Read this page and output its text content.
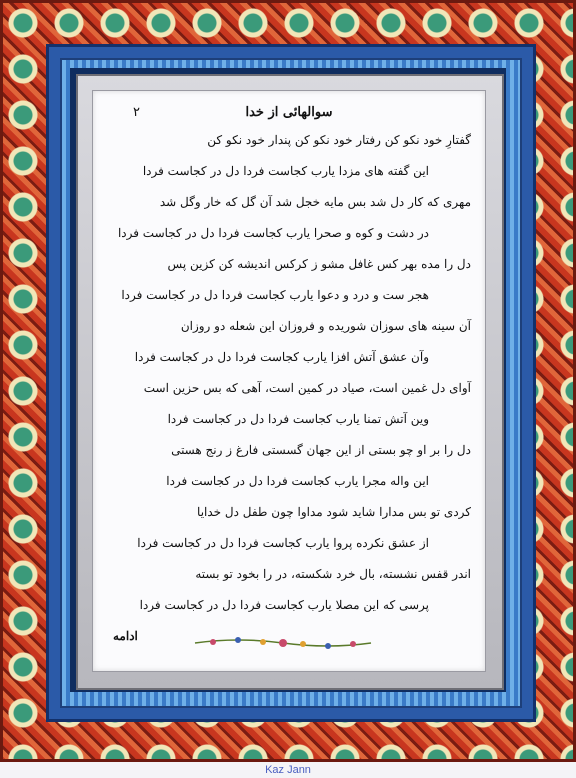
سوالهائی از خدا
۲
گفتارِ خود نکو کن رفتار خود نکو کن پندار خود نکو کن
این گفته های مزدا یارب کجاست فردا دل در کجاست فردا
مهری که کار دل شد بس مایه خجل شد آن گل که خار وگل شد
در دشت و کوه و صحرا یارب کجاست فردا دل در کجاست فردا
دل را مده بهر کس غافل مشو ز کرکس اندیشه کن کزین پس
هجر ست و درد و دعوا یارب کجاست فردا دل در کجاست فردا
آن سینه های سوزان شوریده و فروزان این شعله دو روزان
وآن عشق آتش افزا یارب کجاست فردا دل در کجاست فردا
آوای دل غمین است، صیاد در کمین است، آهی که بس حزین است
وین آتش تمنا یارب کجاست فردا دل در کجاست فردا
دل را بر او چو بستی از این جهان گسستی فارغ ز رنج هستی
این واله مجرا یارب کجاست فردا دل در کجاست فردا
کردی تو بس مدارا شاید شود مداوا چون طفل دل خدایا
از عشق نکرده پروا یارب کجاست فردا دل در کجاست فردا
اندر قفس نشسته، بال خرد شکسته، در را بخود تو بسته
پرسی که این مصلا یارب کجاست فردا دل در کجاست فردا
ادامه
Kaz Jann
